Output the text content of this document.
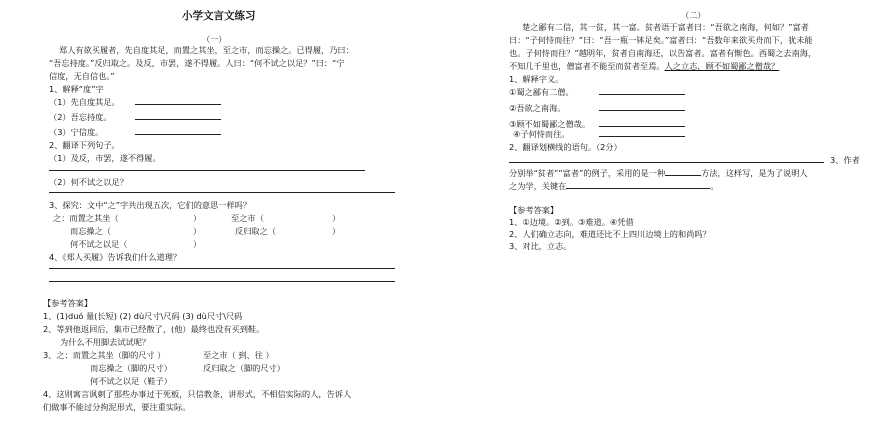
小学文言文练习
（一）
郑人有欲买履者，先自度其足，而置之其坐，至之市，而忘操之。已得履，乃曰：
“吾忘持度。”反归取之。及反，市罢，遂不得履。人曰：“何不试之以足？”曰：“宁
信度，无自信也。”
1、解释“度”字
（1）先自度其足。
（2）吾忘持度。
（3）宁信度。
2、翻译下列句子。
（1）及反，市罢，遂不得履。
（2）何不试之以足？
3、探究：文中“之”字共出现五次，它们的意思一样吗？
之：而置之其坐（	）	至之市（	）
而忘操之（	）	反归取之（	）
何不试之以足（	）
4、《郑人买履》告诉我们什么道理？
【参考答案】
1、(1)duó 量(长短) (2) dù尺寸\尺码 (3) dù尺寸\尺码
2、等到他返回后，集市已经散了，(他）最终也没有买到鞋。
为什么不用脚去试试呢？
3、之：而置之其坐（脚的尺寸 ）	至之市（ 到、往 ）
而忘操之（脚的尺寸）	反归取之（脚的尺寸）
何不试之以足（鞋子）
4、这则寓言讽刺了那些办事过于死板，只信教条，讲形式，不相信实际的人，告诉人
们做事不能过分拘泥形式，要注重实际。
（二）
楚之鄙有二信，其一贫，其一富。贫者语于富者曰：“吾欲之南海，何如？”富者
曰：“子何恃而往？”曰：“吾一瓶一钵足矣。”富者曰：“吾数年来欲买舟而下，犹未能
也。子何恃而往？”越明年，贫者自南海还，以告富者。富者有惭色。西蜀之去南海，
不知几千里也，僧富者不能至而贫者至焉。人之立志，顾不如蜀鄙之僧哉？
1、解释字义。
①蜀之鄙有二僧。
②吾欲之南海。
③顾不如蜀鄙之僧哉。
④子何恃而往。
2、翻译划横线的语句。（2分）
3、作者
分别举“贫者”“富者”的例子，采用的是一种	方法，这样写，是为了说明人
之为学，关键在	。
【参考答案】
1、①边境。②到。③难道。④凭借
2、人们确立志向，难道还比不上四川边境上的和尚吗？
3、对比，立志。
